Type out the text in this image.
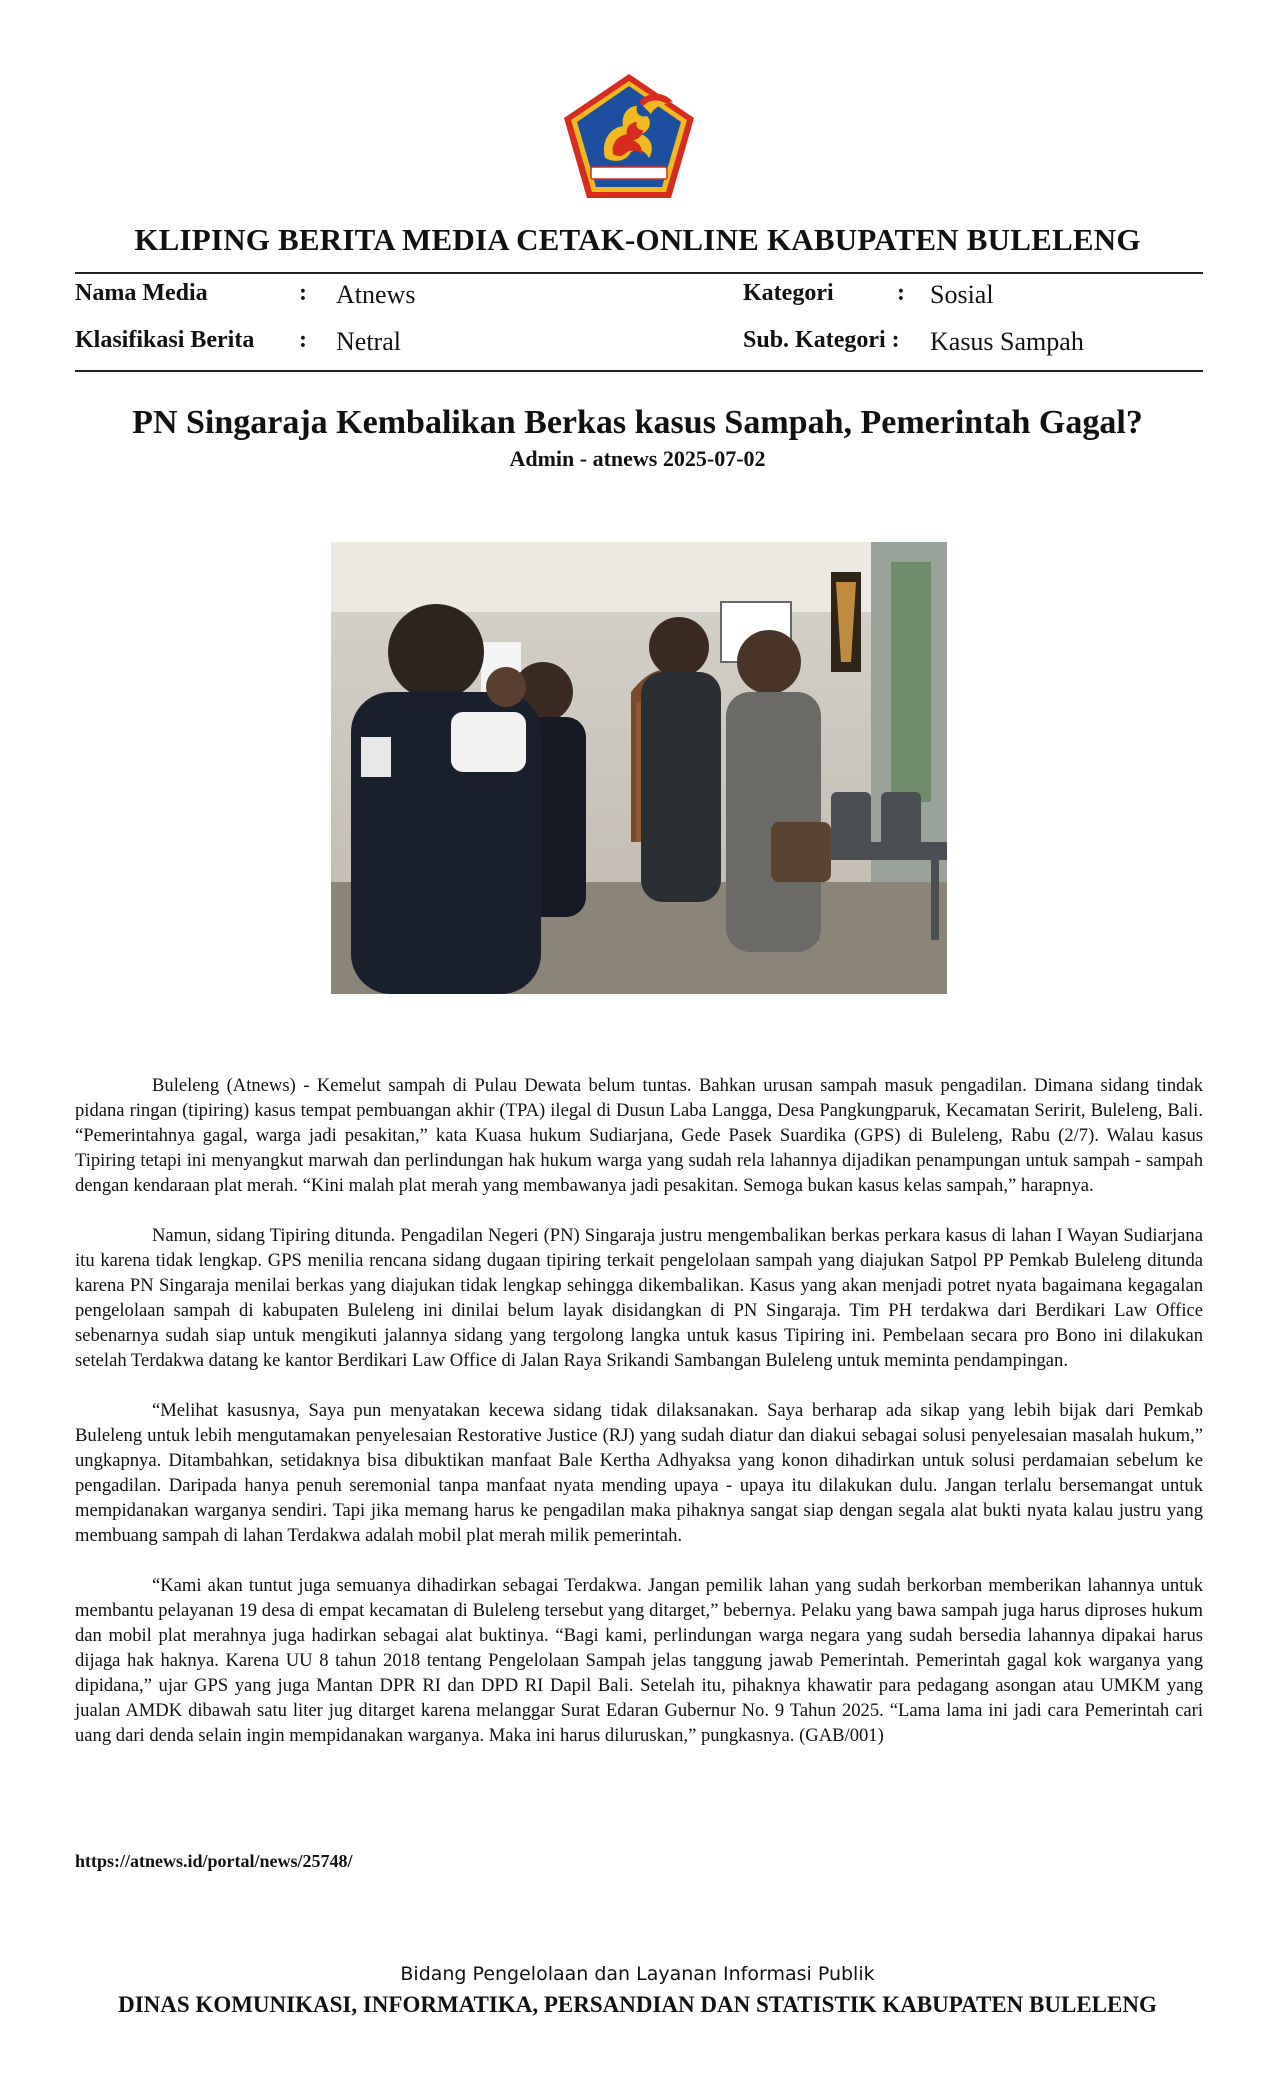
KLIPING BERITA MEDIA CETAK-ONLINE KABUPATEN BULELENG
Nama Media	: Atnews	Kategori	: Sosial
Klasifikasi Berita : Netral	Sub. Kategori : Kasus Sampah
PN Singaraja Kembalikan Berkas kasus Sampah, Pemerintah Gagal?
Admin - atnews 2025-07-02

Buleleng (Atnews) - Kemelut sampah di Pulau Dewata belum tuntas. Bahkan urusan sampah masuk pengadilan. Dimana sidang tindak pidana ringan (tipiring) kasus tempat pembuangan akhir (TPA) ilegal di Dusun Laba Langga, Desa Pangkungparuk, Kecamatan Seririt, Buleleng, Bali. “Pemerintahnya gagal, warga jadi pesakitan,” kata Kuasa hukum Sudiarjana, Gede Pasek Suardika (GPS) di Buleleng, Rabu (2/7). Walau kasus Tipiring tetapi ini menyangkut marwah dan perlindungan hak hukum warga yang sudah rela lahannya dijadikan penampungan untuk sampah - sampah dengan kendaraan plat merah. “Kini malah plat merah yang membawanya jadi pesakitan. Semoga bukan kasus kelas sampah,” harapnya.

Namun, sidang Tipiring ditunda. Pengadilan Negeri (PN) Singaraja justru mengembalikan berkas perkara kasus di lahan I Wayan Sudiarjana itu karena tidak lengkap. GPS menilia rencana sidang dugaan tipiring terkait pengelolaan sampah yang diajukan Satpol PP Pemkab Buleleng ditunda karena PN Singaraja menilai berkas yang diajukan tidak lengkap sehingga dikembalikan. Kasus yang akan menjadi potret nyata bagaimana kegagalan pengelolaan sampah di kabupaten Buleleng ini dinilai belum layak disidangkan di PN Singaraja. Tim PH terdakwa dari Berdikari Law Office sebenarnya sudah siap untuk mengikuti jalannya sidang yang tergolong langka untuk kasus Tipiring ini. Pembelaan secara pro Bono ini dilakukan setelah Terdakwa datang ke kantor Berdikari Law Office di Jalan Raya Srikandi Sambangan Buleleng untuk meminta pendampingan.

“Melihat kasusnya, Saya pun menyatakan kecewa sidang tidak dilaksanakan. Saya berharap ada sikap yang lebih bijak dari Pemkab Buleleng untuk lebih mengutamakan penyelesaian Restorative Justice (RJ) yang sudah diatur dan diakui sebagai solusi penyelesaian masalah hukum,” ungkapnya. Ditambahkan, setidaknya bisa dibuktikan manfaat Bale Kertha Adhyaksa yang konon dihadirkan untuk solusi perdamaian sebelum ke pengadilan. Daripada hanya penuh seremonial tanpa manfaat nyata mending upaya - upaya itu dilakukan dulu. Jangan terlalu bersemangat untuk mempidanakan warganya sendiri. Tapi jika memang harus ke pengadilan maka pihaknya sangat siap dengan segala alat bukti nyata kalau justru yang membuang sampah di lahan Terdakwa adalah mobil plat merah milik pemerintah.

“Kami akan tuntut juga semuanya dihadirkan sebagai Terdakwa. Jangan pemilik lahan yang sudah berkorban memberikan lahannya untuk membantu pelayanan 19 desa di empat kecamatan di Buleleng tersebut yang ditarget,” bebernya. Pelaku yang bawa sampah juga harus diproses hukum dan mobil plat merahnya juga hadirkan sebagai alat buktinya. “Bagi kami, perlindungan warga negara yang sudah bersedia lahannya dipakai harus dijaga hak haknya. Karena UU 8 tahun 2018 tentang Pengelolaan Sampah jelas tanggung jawab Pemerintah. Pemerintah gagal kok warganya yang dipidana,” ujar GPS yang juga Mantan DPR RI dan DPD RI Dapil Bali. Setelah itu, pihaknya khawatir para pedagang asongan atau UMKM yang jualan AMDK dibawah satu liter jug ditarget karena melanggar Surat Edaran Gubernur No. 9 Tahun 2025. “Lama lama ini jadi cara Pemerintah cari uang dari denda selain ingin mempidanakan warganya. Maka ini harus diluruskan,” pungkasnya. (GAB/001)

https://atnews.id/portal/news/25748/
Bidang Pengelolaan dan Layanan Informasi Publik
DINAS KOMUNIKASI, INFORMATIKA, PERSANDIAN DAN STATISTIK KABUPATEN BULELENG
